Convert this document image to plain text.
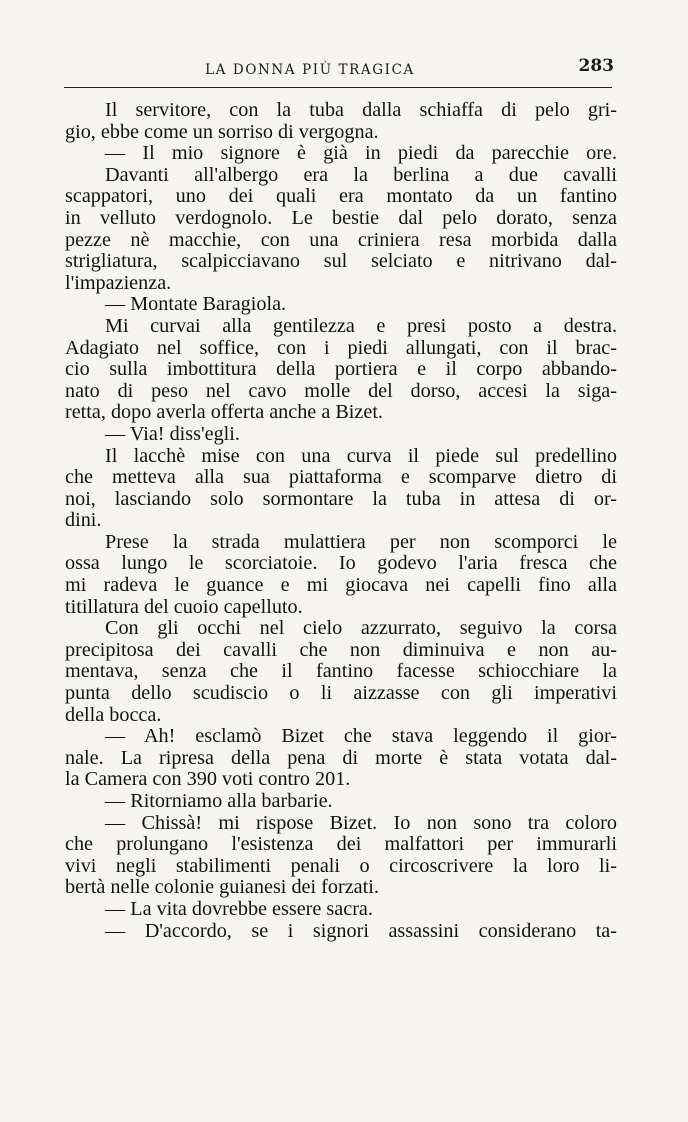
LA DONNA PIÙ TRAGICA	283
Il servitore, con la tuba dalla schiaffa di pelo gri-
gio, ebbe come un sorriso di vergogna.
— Il mio signore è già in piedi da parecchie ore.
Davanti all'albergo era la berlina a due cavalli
scappatori, uno dei quali era montato da un fantino
in velluto verdognolo. Le bestie dal pelo dorato, senza
pezze nè macchie, con una criniera resa morbida dalla
strigliatura, scalpicciavano sul selciato e nitrivano dal-
l'impazienza.
— Montate Baragiola.
Mi curvai alla gentilezza e presi posto a destra.
Adagiato nel soffice, con i piedi allungati, con il brac-
cio sulla imbottitura della portiera e il corpo abbando-
nato di peso nel cavo molle del dorso, accesi la siga-
retta, dopo averla offerta anche a Bizet.
— Via! diss'egli.
Il lacchè mise con una curva il piede sul predellino
che metteva alla sua piattaforma e scomparve dietro di
noi, lasciando solo sormontare la tuba in attesa di or-
dini.
Prese la strada mulattiera per non scomporci le
ossa lungo le scorciatoie. Io godevo l'aria fresca che
mi radeva le guance e mi giocava nei capelli fino alla
titillatura del cuoio capelluto.
Con gli occhi nel cielo azzurrato, seguivo la corsa
precipitosa dei cavalli che non diminuiva e non au-
mentava, senza che il fantino facesse schiocchiare la
punta dello scudiscio o li aizzasse con gli imperativi
della bocca.
— Ah! esclamò Bizet che stava leggendo il gior-
nale. La ripresa della pena di morte è stata votata dal-
la Camera con 390 voti contro 201.
— Ritorniamo alla barbarie.
— Chissà! mi rispose Bizet. Io non sono tra coloro
che prolungano l'esistenza dei malfattori per immurarli
vivi negli stabilimenti penali o circoscrivere la loro li-
bertà nelle colonie guianesi dei forzati.
— La vita dovrebbe essere sacra.
— D'accordo, se i signori assassini considerano ta-
